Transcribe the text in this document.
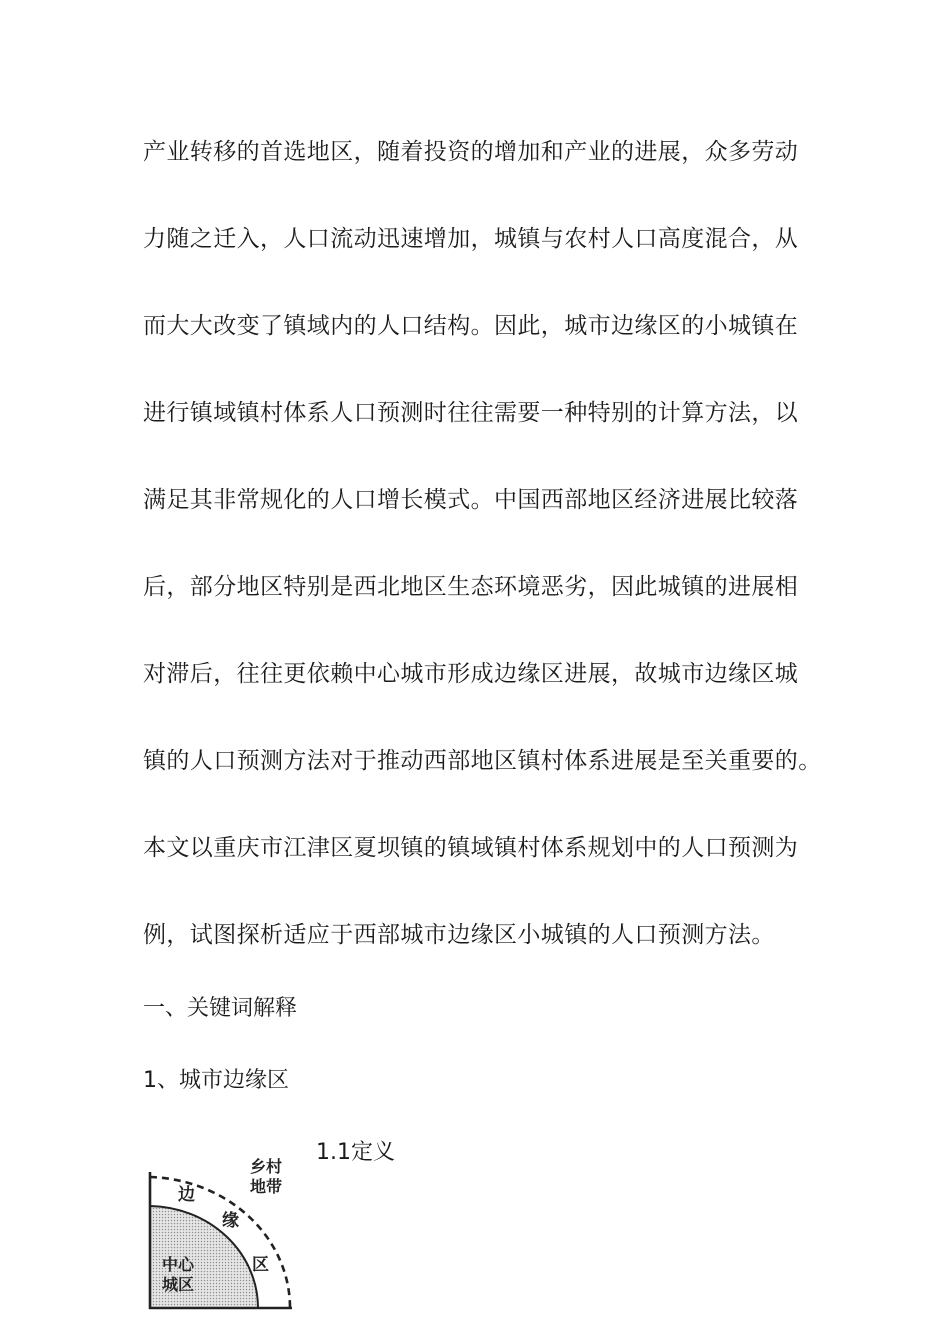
产业转移的首选地区，随着投资的增加和产业的进展，众多劳动
力随之迁入，人口流动迅速增加，城镇与农村人口高度混合，从
而大大改变了镇域内的人口结构。因此，城市边缘区的小城镇在
进行镇域镇村体系人口预测时往往需要一种特别的计算方法，以
满足其非常规化的人口增长模式。中国西部地区经济进展比较落
后，部分地区特别是西北地区生态环境恶劣，因此城镇的进展相
对滞后，往往更依赖中心城市形成边缘区进展，故城市边缘区城
镇的人口预测方法对于推动西部地区镇村体系进展是至关重要的。
本文以重庆市江津区夏坝镇的镇域镇村体系规划中的人口预测为
例，试图探析适应于西部城市边缘区小城镇的人口预测方法。
一、关键词解释
1、城市边缘区
1.1定义
乡村
地带
边
缘
区
中心
城区
